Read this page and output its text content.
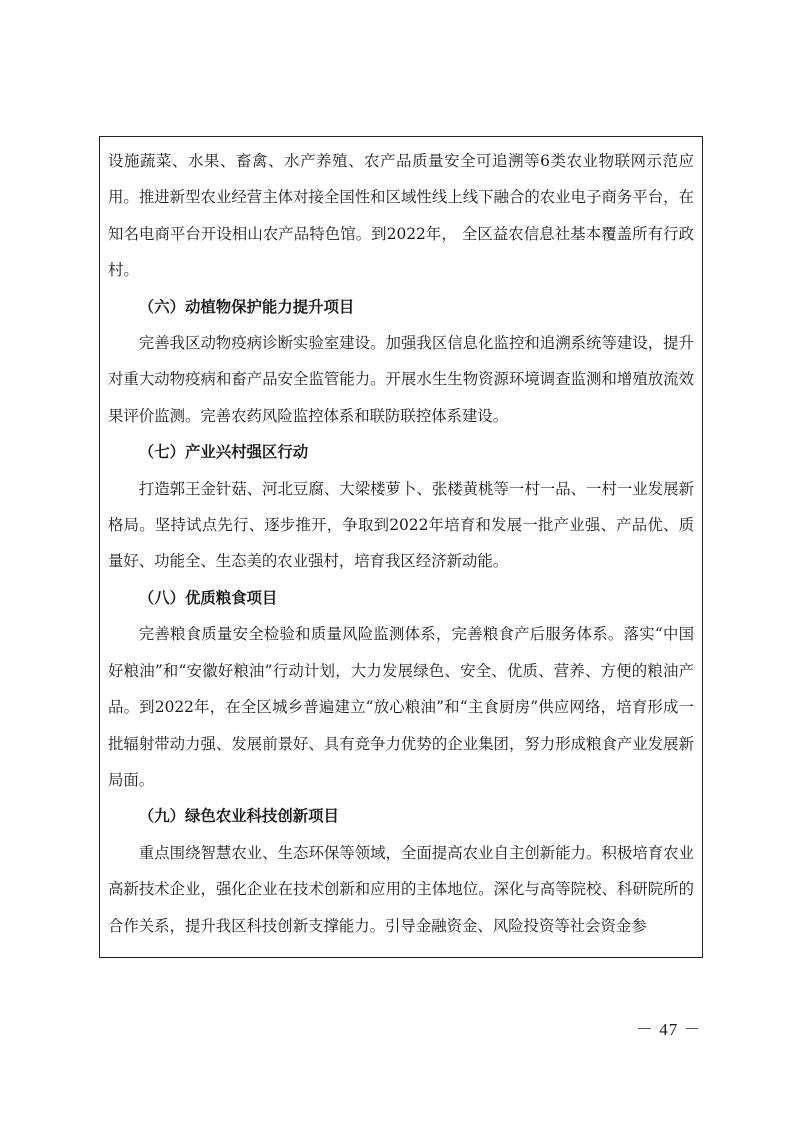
设施蔬菜、水果、畜禽、水产养殖、农产品质量安全可追溯等6类农业物联网示范应用。推进新型农业经营主体对接全国性和区域性线上线下融合的农业电子商务平台，在知名电商平台开设相山农产品特色馆。到2022年， 全区益农信息社基本覆盖所有行政村。

（六）动植物保护能力提升项目

完善我区动物疫病诊断实验室建设。加强我区信息化监控和追溯系统等建设，提升对重大动物疫病和畜产品安全监管能力。开展水生生物资源环境调查监测和增殖放流效果评价监测。完善农药风险监控体系和联防联控体系建设。

（七）产业兴村强区行动

打造郭王金针菇、河北豆腐、大梁楼萝卜、张楼黄桃等一村一品、一村一业发展新格局。坚持试点先行、逐步推开，争取到2022年培育和发展一批产业强、产品优、质量好、功能全、生态美的农业强村，培育我区经济新动能。

（八）优质粮食项目

完善粮食质量安全检验和质量风险监测体系，完善粮食产后服务体系。落实“中国好粮油”和“安徽好粮油”行动计划，大力发展绿色、安全、优质、营养、方便的粮油产品。到2022年，在全区城乡普遍建立“放心粮油”和“主食厨房”供应网络，培育形成一批辐射带动力强、发展前景好、具有竞争力优势的企业集团，努力形成粮食产业发展新局面。

（九）绿色农业科技创新项目

重点围绕智慧农业、生态环保等领域，全面提高农业自主创新能力。积极培育农业高新技术企业，强化企业在技术创新和应用的主体地位。深化与高等院校、科研院所的合作关系，提升我区科技创新支撑能力。引导金融资金、风险投资等社会资金参

－ 47 －
